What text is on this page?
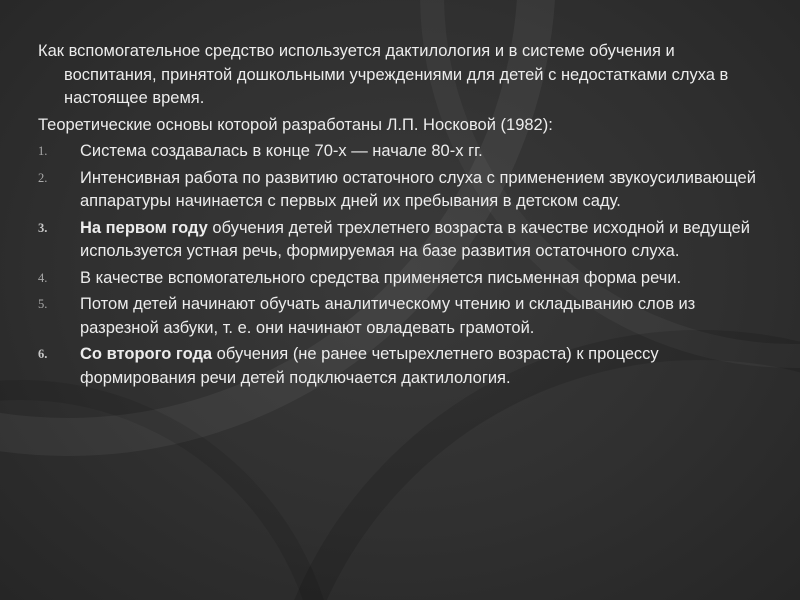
Как вспомогательное средство используется дактилология и в системе обучения и воспитания, принятой дошкольными учреждениями для детей с недостатками слуха в настоящее время.

Теоретические основы которой разработаны Л.П. Носковой (1982):

1. Система создавалась в конце 70-х — начале 80-х гг.
2. Интенсивная работа по развитию остаточного слуха с применением звукоусиливающей аппаратуры начинается с первых дней их пребывания в детском саду.
3. На первом году обучения детей трехлетнего возраста в качестве исходной и ведущей используется устная речь, формируемая на базе развития остаточного слуха.
4. В качестве вспомогательного средства применяется письменная форма речи.
5. Потом детей начинают обучать аналитическому чтению и складыванию слов из разрезной азбуки, т. е. они начинают овладевать грамотой.
6. Со второго года обучения (не ранее четырехлетнего возраста) к процессу формирования речи детей подключается дактилология.
